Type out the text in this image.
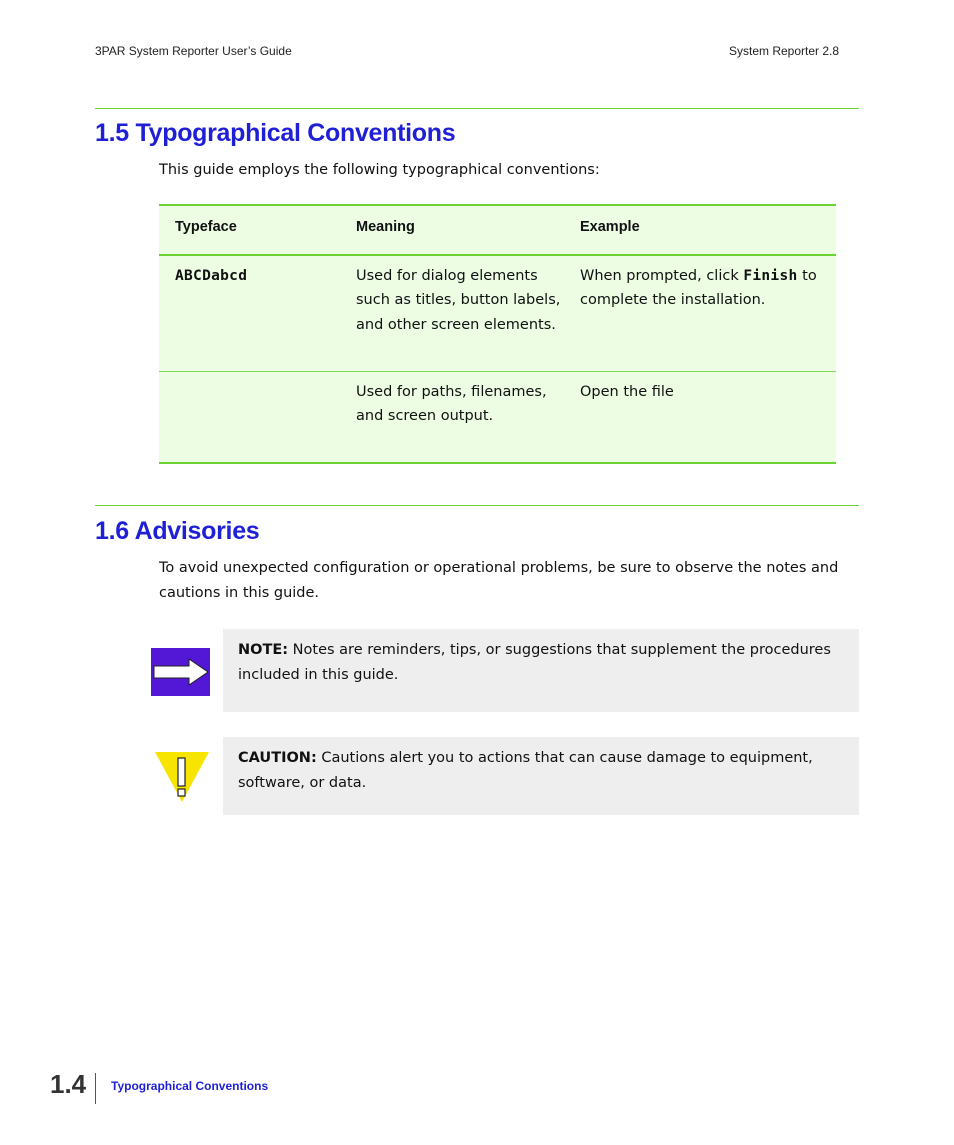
3PAR System Reporter User’s Guide	System Reporter 2.8
1.5 Typographical Conventions
This guide employs the following typographical conventions:
Typeface	Meaning	Example
ABCDabcd	Used for dialog elements such as titles, button labels, and other screen elements.	When prompted, click Finish to complete the installation.
	Used for paths, filenames, and screen output.	Open the file
1.6 Advisories
To avoid unexpected configuration or operational problems, be sure to observe the notes and cautions in this guide.
NOTE: Notes are reminders, tips, or suggestions that supplement the procedures included in this guide.
CAUTION: Cautions alert you to actions that can cause damage to equipment, software, or data.
1.4 Typographical Conventions
